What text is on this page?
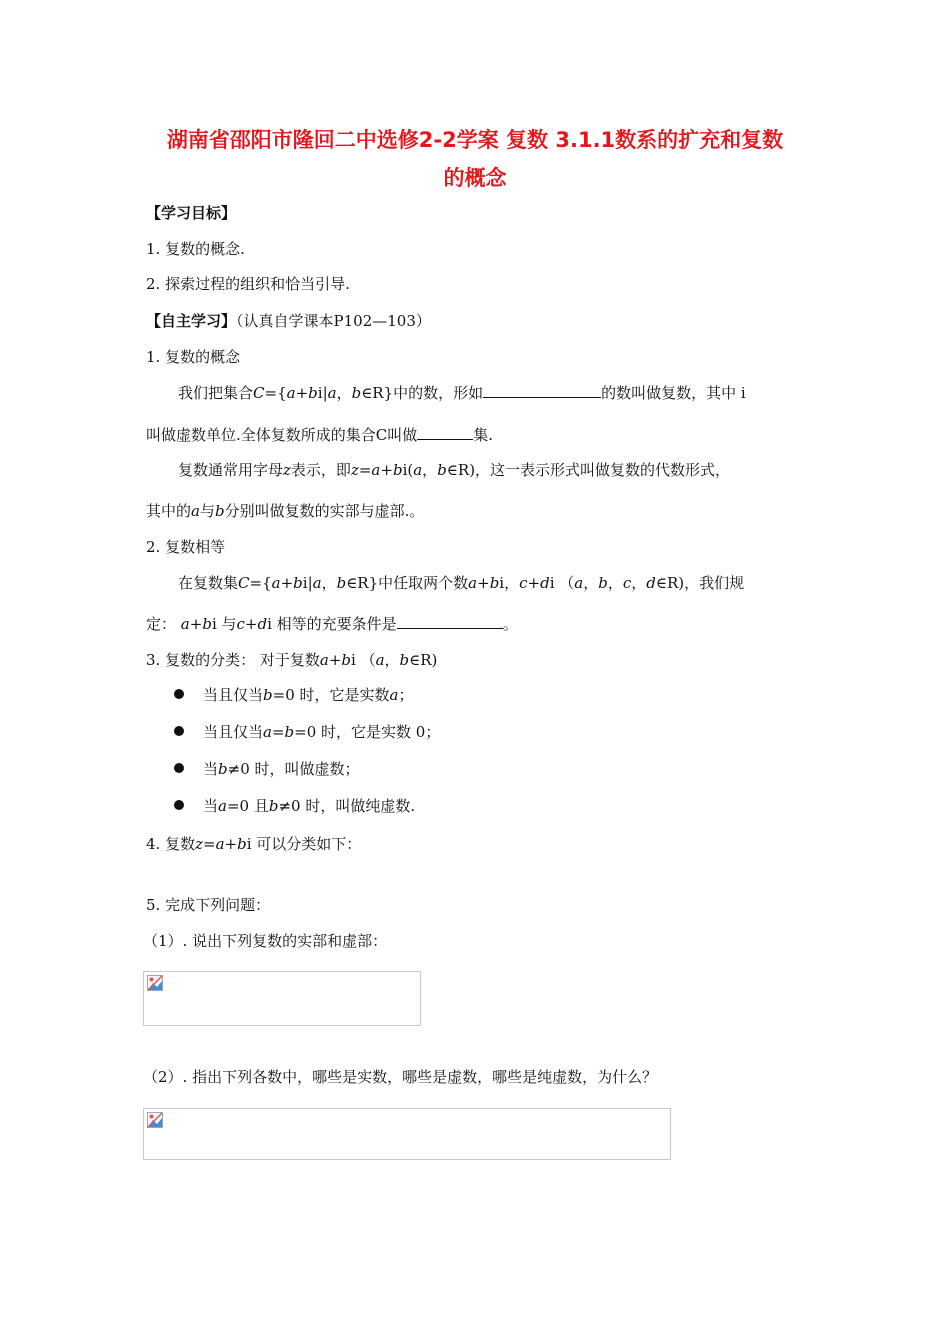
湖南省邵阳市隆回二中选修2-2学案 复数 3.1.1数系的扩充和复数
的概念
【学习目标】
1. 复数的概念.
2. 探索过程的组织和恰当引导.
【自主学习】（认真自学课本P102—103）
1. 复数的概念
我们把集合C={a+bi|a，b∈R}中的数，形如	的数叫做复数，其中 i
叫做虚数单位.全体复数所成的集合C叫做	集.
复数通常用字母z表示，即z=a+bi(a，b∈R)，这一表示形式叫做复数的代数形式，
其中的a与b分别叫做复数的实部与虚部.。
2. 复数相等
在复数集C={a+bi|a，b∈R}中任取两个数a+bi，c+di （a，b，c，d∈R)，我们规
定： a+bi 与c+di 相等的充要条件是	。
3. 复数的分类： 对于复数a+bi （a，b∈R)
当且仅当b=0 时，它是实数a；
当且仅当a=b=0 时，它是实数 0；
当b≠0 时，叫做虚数；
当a=0 且b≠0 时，叫做纯虚数.
4. 复数z=a+bi 可以分类如下：
5. 完成下列问题：
（1）. 说出下列复数的实部和虚部：
（2）. 指出下列各数中，哪些是实数，哪些是虚数，哪些是纯虚数，为什么？
